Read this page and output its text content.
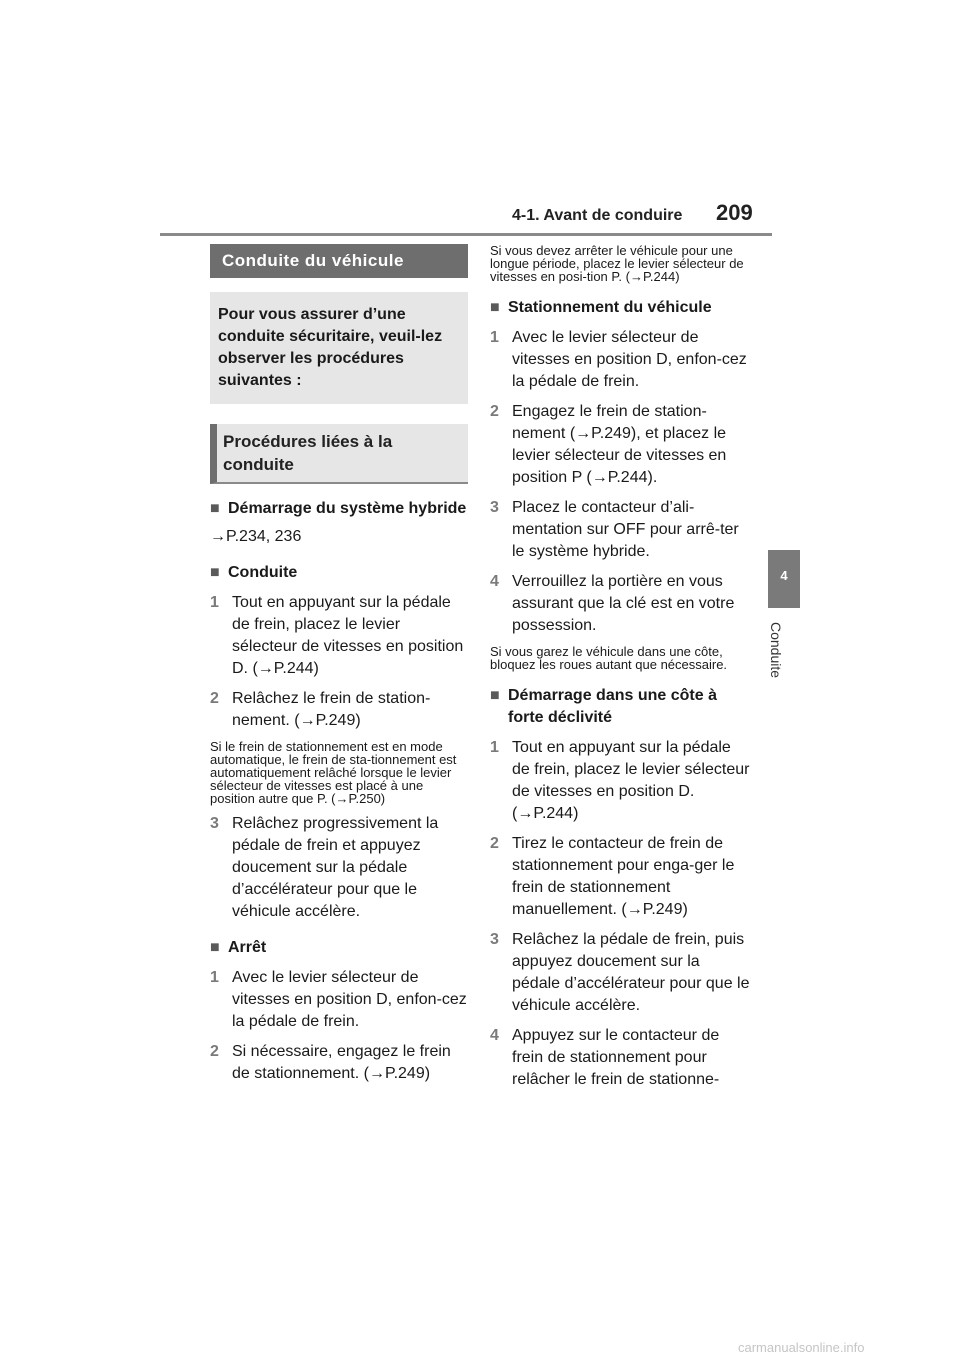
4-1. Avant de conduire 209
4
Conduite
Conduite du véhicule
Pour vous assurer d’une conduite sécuritaire, veuil-lez observer les procédures suivantes :
Procédures liées à la conduite
■ Démarrage du système hybride
→P.234, 236
■ Conduite
1 Tout en appuyant sur la pédale de frein, placez le levier sélecteur de vitesses en position D. (→P.244)
2 Relâchez le frein de station-nement. (→P.249)
Si le frein de stationnement est en mode automatique, le frein de sta-tionnement est automatiquement relâché lorsque le levier sélecteur de vitesses est placé à une position autre que P. (→P.250)
3 Relâchez progressivement la pédale de frein et appuyez doucement sur la pédale d’accélérateur pour que le véhicule accélère.
■ Arrêt
1 Avec le levier sélecteur de vitesses en position D, enfon-cez la pédale de frein.
2 Si nécessaire, engagez le frein de stationnement. (→P.249)
Si vous devez arrêter le véhicule pour une longue période, placez le levier sélecteur de vitesses en posi-tion P. (→P.244)
■ Stationnement du véhicule
1 Avec le levier sélecteur de vitesses en position D, enfon-cez la pédale de frein.
2 Engagez le frein de station-nement (→P.249), et placez le levier sélecteur de vitesses en position P (→P.244).
3 Placez le contacteur d’ali-mentation sur OFF pour arrê-ter le système hybride.
4 Verrouillez la portière en vous assurant que la clé est en votre possession.
Si vous garez le véhicule dans une côte, bloquez les roues autant que nécessaire.
■ Démarrage dans une côte à forte déclivité
1 Tout en appuyant sur la pédale de frein, placez le levier sélecteur de vitesses en position D. (→P.244)
2 Tirez le contacteur de frein de stationnement pour enga-ger le frein de stationnement manuellement. (→P.249)
3 Relâchez la pédale de frein, puis appuyez doucement sur la pédale d’accélérateur pour que le véhicule accélère.
4 Appuyez sur le contacteur de frein de stationnement pour relâcher le frein de stationne-
carmanualsonline.info
